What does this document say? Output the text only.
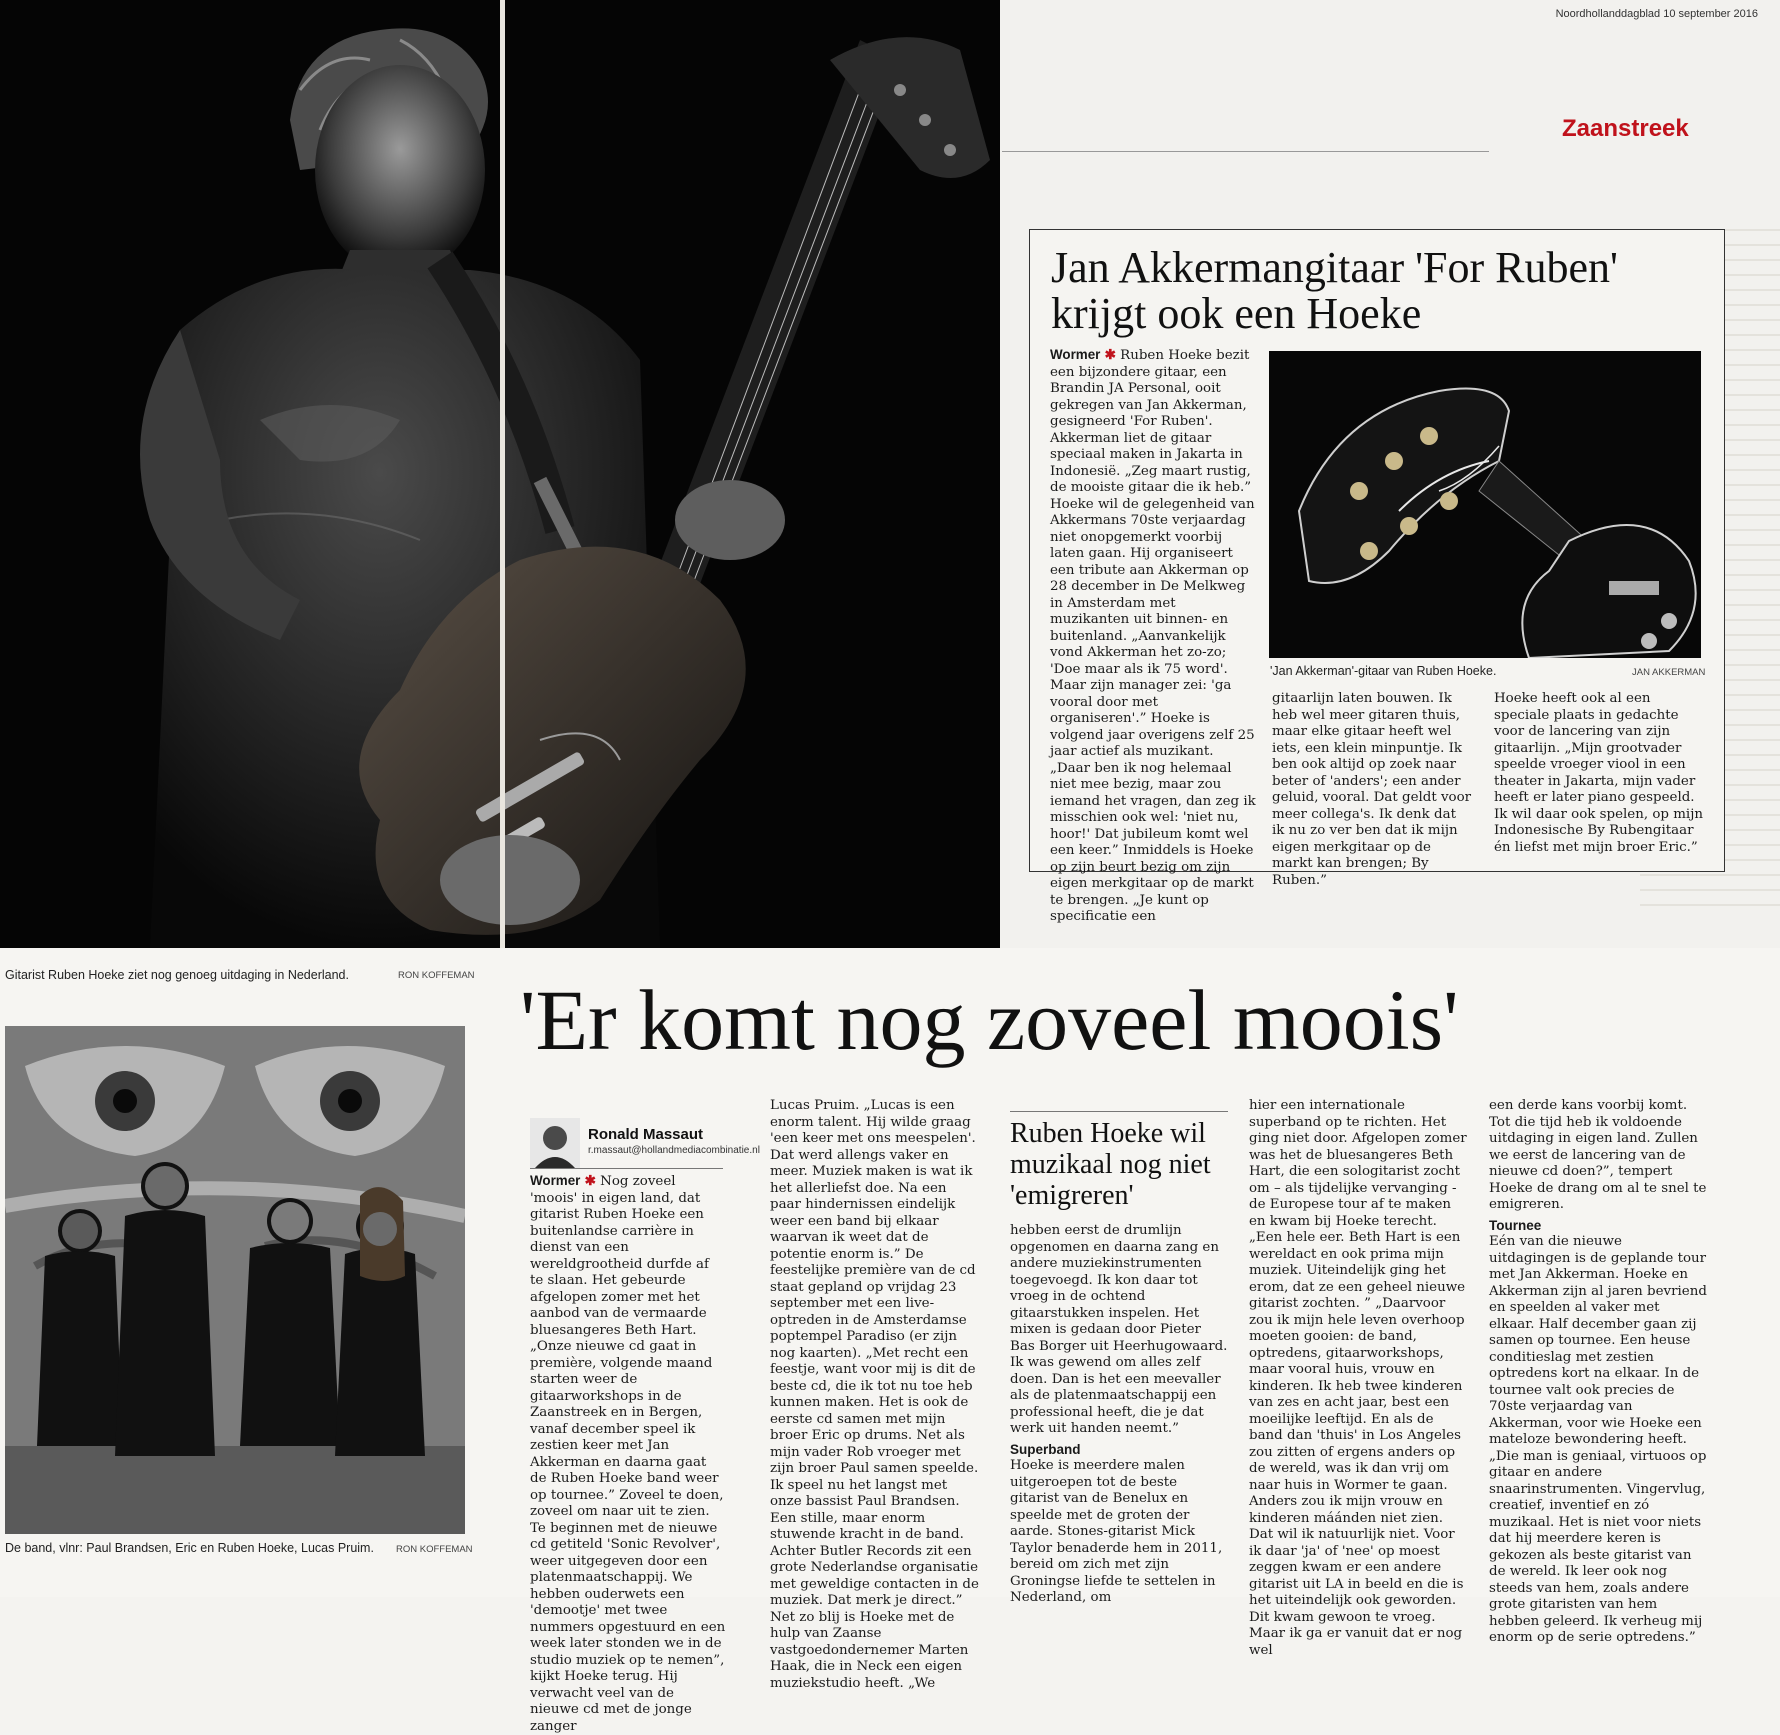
Noordhollanddagblad 10 september 2016
Zaanstreek
Jan Akkermangitaar 'For Ruben'
krijgt ook een Hoeke
Wormer ✱ Ruben Hoeke bezit een bijzondere gitaar, een Brandin JA Personal, ooit gekregen van Jan Akkerman, gesigneerd 'For Ruben'. Akkerman liet de gitaar speciaal maken in Jakarta in Indonesië. „Zeg maart rustig, de mooiste gitaar die ik heb.” Hoeke wil de gelegenheid van Akkermans 70ste verjaardag niet onopgemerkt voorbij laten gaan. Hij organiseert een tribute aan Akkerman op 28 december in De Melkweg in Amsterdam met muzikanten uit binnen- en buitenland. „Aanvankelijk vond Akkerman het zo-zo; 'Doe maar als ik 75 word'. Maar zijn manager zei: 'ga vooral door met organiseren'.” Hoeke is volgend jaar overigens zelf 25 jaar actief als muzikant. „Daar ben ik nog helemaal niet mee bezig, maar zou iemand het vragen, dan zeg ik misschien ook wel: 'niet nu, hoor!' Dat jubileum komt wel een keer.” Inmiddels is Hoeke op zijn beurt bezig om zijn eigen merkgitaar op de markt te brengen. „Je kunt op specificatie een
'Jan Akkerman'-gitaar van Ruben Hoeke.	JAN AKKERMAN
gitaarlijn laten bouwen. Ik heb wel meer gitaren thuis, maar elke gitaar heeft wel iets, een klein minpuntje. Ik ben ook altijd op zoek naar beter of 'anders'; een ander geluid, vooral. Dat geldt voor meer collega's. Ik denk dat ik nu zo ver ben dat ik mijn eigen merkgitaar op de markt kan brengen; By Ruben.”
Hoeke heeft ook al een speciale plaats in gedachte voor de lancering van zijn gitaarlijn. „Mijn grootvader speelde vroeger viool in een theater in Jakarta, mijn vader heeft er later piano gespeeld. Ik wil daar ook spelen, op mijn Indonesische By Rubengitaar én liefst met mijn broer Eric.”
Gitarist Ruben Hoeke ziet nog genoeg uitdaging in Nederland.	RON KOFFEMAN 'Er komt nog zoveel moois'
De band, vlnr: Paul Brandsen, Eric en Ruben Hoeke, Lucas Pruim. RON KOFFEMAN
Ronald Massaut
r.massaut@hollandmediacombinatie.nl
Wormer ✱ Nog zoveel 'moois' in eigen land, dat gitarist Ruben Hoeke een buitenlandse carrière in dienst van een wereldgrootheid durfde af te slaan. Het gebeurde afgelopen zomer met het aanbod van de vermaarde bluesangeres Beth Hart. „Onze nieuwe cd gaat in première, volgende maand starten weer de gitaarworkshops in de Zaanstreek en in Bergen, vanaf december speel ik zestien keer met Jan Akkerman en daarna gaat de Ruben Hoeke band weer op tournee.” Zoveel te doen, zoveel om naar uit te zien. Te beginnen met de nieuwe cd getiteld 'Sonic Revolver', weer uitgegeven door een platenmaatschappij. We hebben ouderwets een 'demootje' met twee nummers opgestuurd en een week later stonden we in de studio muziek op te nemen”, kijkt Hoeke terug. Hij verwacht veel van de nieuwe cd met de jonge zanger
Lucas Pruim. „Lucas is een enorm talent. Hij wilde graag 'een keer met ons meespelen'. Dat werd allengs vaker en meer. Muziek maken is wat ik het allerliefst doe. Na een paar hindernissen eindelijk weer een band bij elkaar waarvan ik weet dat de potentie enorm is.” De feestelijke première van de cd staat gepland op vrijdag 23 september met een live-optreden in de Amsterdamse poptempel Paradiso (er zijn nog kaarten). „Met recht een feestje, want voor mij is dit de beste cd, die ik tot nu toe heb kunnen maken. Het is ook de eerste cd samen met mijn broer Eric op drums. Net als mijn vader Rob vroeger met zijn broer Paul samen speelde. Ik speel nu het langst met onze bassist Paul Brandsen. Een stille, maar enorm stuwende kracht in de band. Achter Butler Records zit een grote Nederlandse organisatie met geweldige contacten in de muziek. Dat merk je direct.” Net zo blij is Hoeke met de hulp van Zaanse vastgoedondernemer Marten Haak, die in Neck een eigen muziekstudio heeft. „We
Ruben Hoeke wil muzikaal nog niet 'emigreren'
hebben eerst de drumlijn opgenomen en daarna zang en andere muziekinstrumenten toegevoegd. Ik kon daar tot vroeg in de ochtend gitaarstukken inspelen. Het mixen is gedaan door Pieter Bas Borger uit Heerhugowaard. Ik was gewend om alles zelf doen. Dan is het een meevaller als de platenmaatschappij een professional heeft, die je dat werk uit handen neemt.”
Superband
Hoeke is meerdere malen uitgeroepen tot de beste gitarist van de Benelux en speelde met de groten der aarde. Stones-gitarist Mick Taylor benaderde hem in 2011, bereid om zich met zijn Groningse liefde te settelen in Nederland, om
hier een internationale superband op te richten. Het ging niet door. Afgelopen zomer was het de bluesangeres Beth Hart, die een sologitarist zocht om – als tijdelijke vervanging - de Europese tour af te maken en kwam bij Hoeke terecht. „Een hele eer. Beth Hart is een wereldact en ook prima mijn muziek. Uiteindelijk ging het erom, dat ze een geheel nieuwe gitarist zochten. ” „Daarvoor zou ik mijn hele leven overhoop moeten gooien: de band, optredens, gitaarworkshops, maar vooral huis, vrouw en kinderen. Ik heb twee kinderen van zes en acht jaar, best een moeilijke leeftijd. En als de band dan 'thuis' in Los Angeles zou zitten of ergens anders op de wereld, was ik dan vrij om naar huis in Wormer te gaan. Anders zou ik mijn vrouw en kinderen máánden niet zien. Dat wil ik natuurlijk niet. Voor ik daar 'ja' of 'nee' op moest zeggen kwam er een andere gitarist uit LA in beeld en die is het uiteindelijk ook geworden. Dit kwam gewoon te vroeg. Maar ik ga er vanuit dat er nog wel
een derde kans voorbij komt. Tot die tijd heb ik voldoende uitdaging in eigen land. Zullen we eerst de lancering van de nieuwe cd doen?”, tempert Hoeke de drang om al te snel te emigreren.
Tournee
Eén van die nieuwe uitdagingen is de geplande tour met Jan Akkerman. Hoeke en Akkerman zijn al jaren bevriend en speelden al vaker met elkaar. Half december gaan zij samen op tournee. Een heuse conditieslag met zestien optredens kort na elkaar. In de tournee valt ook precies de 70ste verjaardag van Akkerman, voor wie Hoeke een mateloze bewondering heeft. „Die man is geniaal, virtuoos op gitaar en andere snaarinstrumenten. Vingervlug, creatief, inventief en zó muzikaal. Het is niet voor niets dat hij meerdere keren is gekozen als beste gitarist van de wereld. Ik leer ook nog steeds van hem, zoals andere grote gitaristen van hem hebben geleerd. Ik verheug mij enorm op de serie optredens.”
